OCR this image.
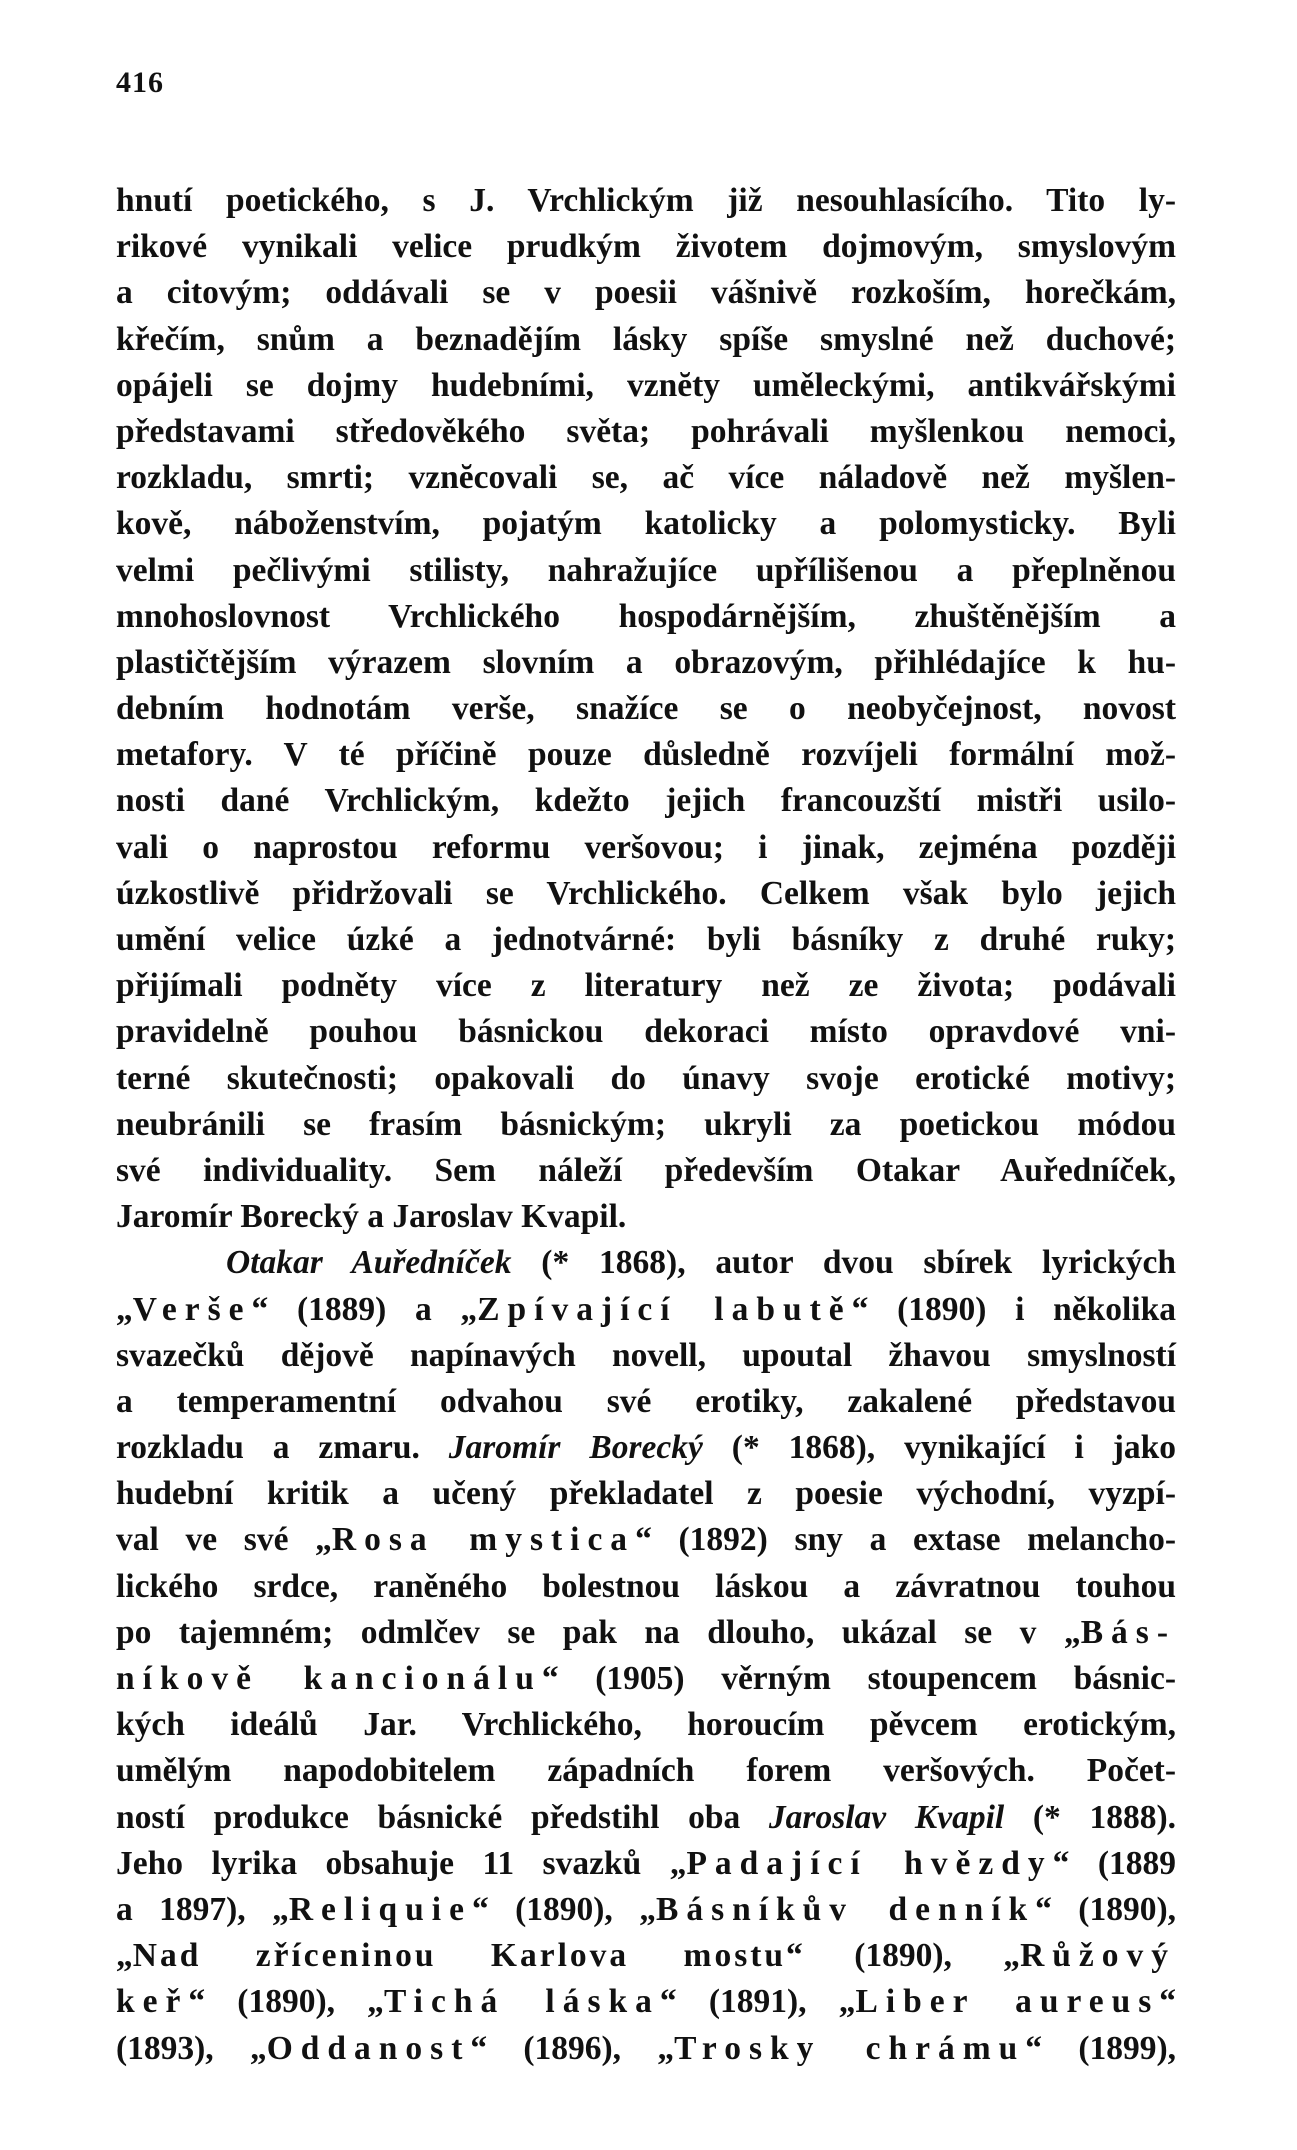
416
hnutí poetického, s J. Vrchlickým již nesouhlasícího. Tito ly-
rikové vynikali velice prudkým životem dojmovým, smyslovým
a citovým; oddávali se v poesii vášnivě rozkoším, horečkám,
křečím, snům a beznadějím lásky spíše smyslné než duchové;
opájeli se dojmy hudebními, vznĕty uměleckými, antikvářskými
představami středověkého světa; pohrávali myšlenkou nemoci,
rozkladu, smrti; vznĕcovali se, ač více náladově než myšlen-
kově, náboženstvím, pojatým katolicky a polomysticky. Byli
velmi pečlivými stilisty, nahražujíce upřílišenou a přeplněnou
mnohoslovnost Vrchlického hospodárnějším, zhuštěnějším a
plastičtějším výrazem slovním a obrazovým, přihlédajíce k hu-
debním hodnotám verše, snažíce se o neobyčejnost, novost
metafory. V té příčině pouze důsledně rozvíjeli formální mož-
nosti dané Vrchlickým, kdežto jejich francouzští mistři usilo-
vali o naprostou reformu veršovou; i jinak, zejména později
úzkostlivě přidržovali se Vrchlického. Celkem však bylo jejich
umění velice úzké a jednotvárné: byli básníky z druhé ruky;
přijímali podněty více z literatury než ze života; podávali
pravidelně pouhou básnickou dekoraci místo opravdové vni-
terné skutečnosti; opakovali do únavy svoje erotické motivy;
neubránili se frasím básnickým; ukryli za poetickou módou
své individuality. Sem náleží především Otakar Auředníček,
Jaromír Borecký a Jaroslav Kvapil.
Otakar Auředníček (* 1868), autor dvou sbírek lyrických
„Verše“ (1889) a „Zpívající labutě“ (1890) i několika
svazečků dějově napínavých novell, upoutal žhavou smyslností
a temperamentní odvahou své erotiky, zakalené představou
rozkladu a zmaru. Jaromír Borecký (* 1868), vynikající i jako
hudební kritik a učený překladatel z poesie východní, vyzpí-
val ve své „Rosa mystica“ (1892) sny a extase melancho-
lického srdce, raněného bolestnou láskou a závratnou touhou
po tajemném; odmlčev se pak na dlouho, ukázal se v „Bás-
níkově kancionálu“ (1905) věrným stoupencem básnic-
kých ideálů Jar. Vrchlického, horoucím pěvcem erotickým,
umělým napodobitelem západních forem veršových. Počet-
ností produkce básnické předstihl oba Jaroslav Kvapil (* 1888).
Jeho lyrika obsahuje 11 svazků „Padající hvězdy“ (1889
a 1897), „Reliquie“ (1890), „Básníkův denník“ (1890),
„Nad zříceninou Karlova mostu“ (1890), „Růžový
keř“ (1890), „Tichá láska“ (1891), „Liber aureus“
(1893), „Oddanost“ (1896), „Trosky chrámu“ (1899),
